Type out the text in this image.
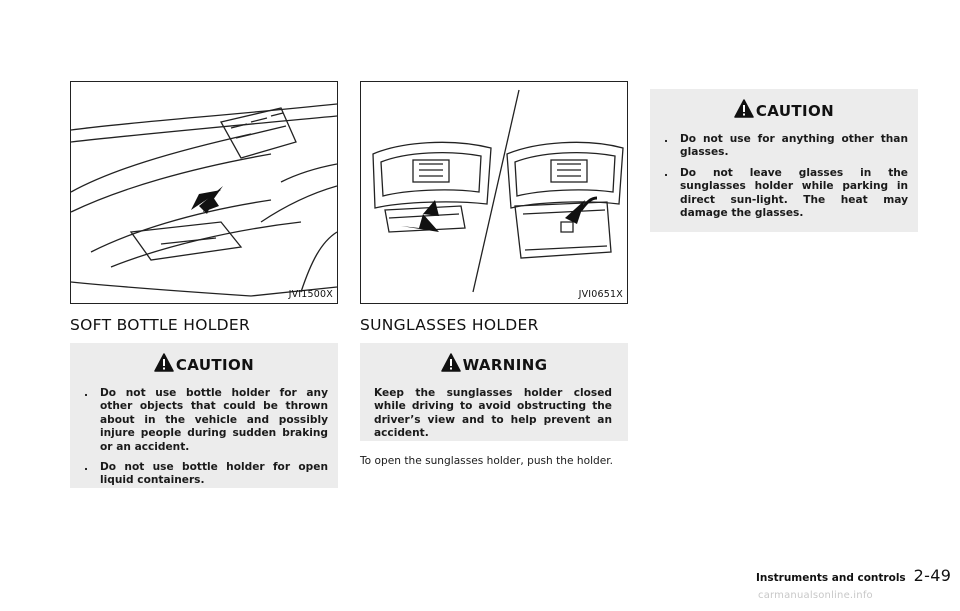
JVI1500X
SOFT BOTTLE HOLDER
CAUTION
. Do not use bottle holder for any other objects that could be thrown about in the vehicle and possibly injure people during sudden braking or an accident.
. Do not use bottle holder for open liquid containers.
JVI0651X
SUNGLASSES HOLDER
WARNING
Keep the sunglasses holder closed while driving to avoid obstructing the driver’s view and to help prevent an accident.
To open the sunglasses holder, push the holder.
CAUTION
. Do not use for anything other than glasses.
. Do not leave glasses in the sunglasses holder while parking in direct sun-light. The heat may damage the glasses.
Instruments and controls 2-49
carmanualsonline.info
